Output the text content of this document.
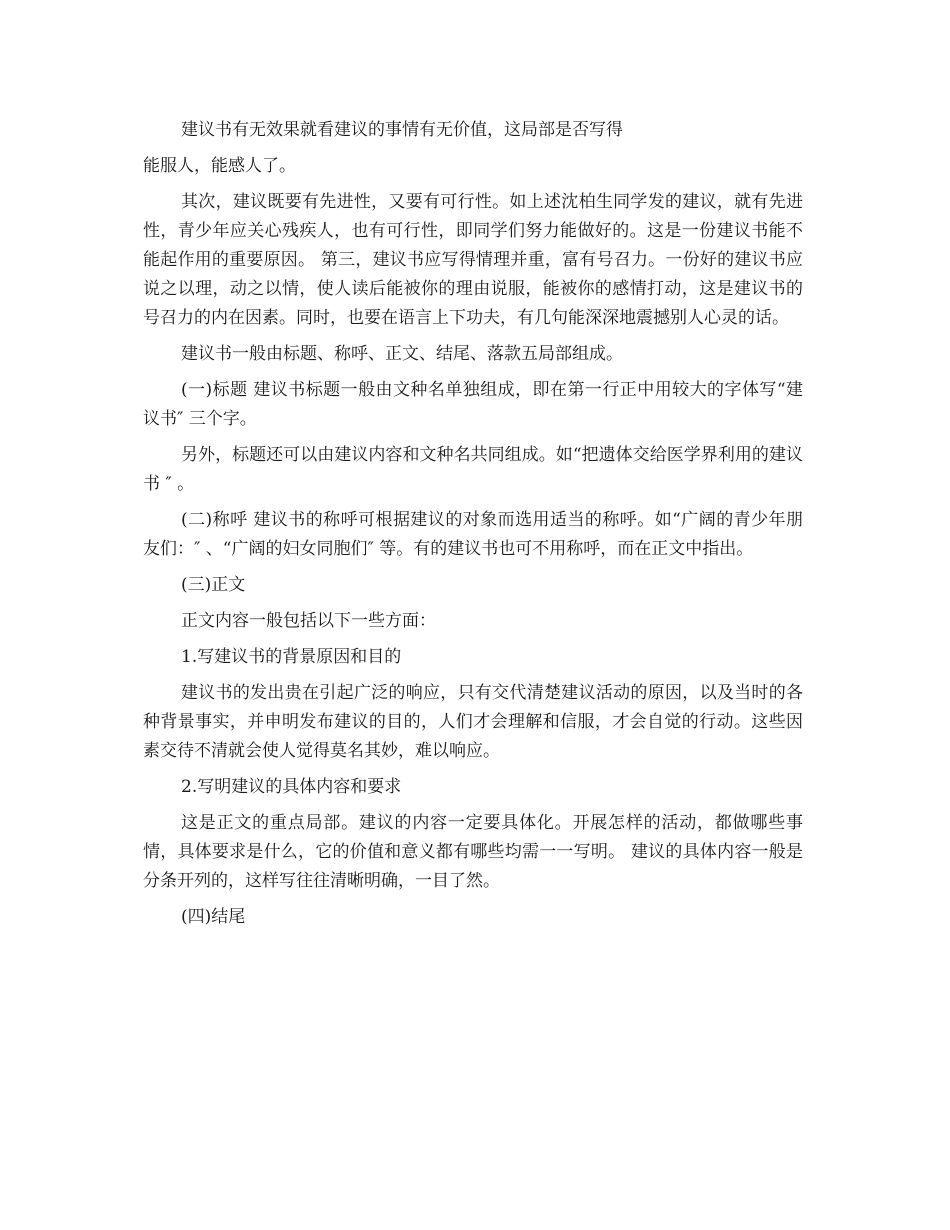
建议书有无效果就看建议的事情有无价值，这局部是否写得

能服人，能感人了。

其次，建议既要有先进性，又要有可行性。如上述沈柏生同学发的建议，就有先进性，青少年应关心残疾人，也有可行性，即同学们努力能做好的。这是一份建议书能不能起作用的重要原因。 第三，建议书应写得情理并重，富有号召力。一份好的建议书应说之以理，动之以情，使人读后能被你的理由说服，能被你的感情打动，这是建议书的号召力的内在因素。同时，也要在语言上下功夫，有几句能深深地震撼别人心灵的话。

建议书一般由标题、称呼、正文、结尾、落款五局部组成。

(一)标题 建议书标题一般由文种名单独组成，即在第一行正中用较大的字体写“建议书″ 三个字。

另外，标题还可以由建议内容和文种名共同组成。如“把遗体交给医学界利用的建议书 ″ 。

(二)称呼 建议书的称呼可根据建议的对象而选用适当的称呼。如“广阔的青少年朋友们：″ 、“广阔的妇女同胞们″ 等。有的建议书也可不用称呼，而在正文中指出。

(三)正文

正文内容一般包括以下一些方面：

1.写建议书的背景原因和目的

建议书的发出贵在引起广泛的响应，只有交代清楚建议活动的原因，以及当时的各种背景事实，并申明发布建议的目的，人们才会理解和信服，才会自觉的行动。这些因素交待不清就会使人觉得莫名其妙，难以响应。

2.写明建议的具体内容和要求

这是正文的重点局部。建议的内容一定要具体化。开展怎样的活动，都做哪些事情，具体要求是什么，它的价值和意义都有哪些均需一一写明。 建议的具体内容一般是分条开列的，这样写往往清晰明确，一目了然。

(四)结尾
